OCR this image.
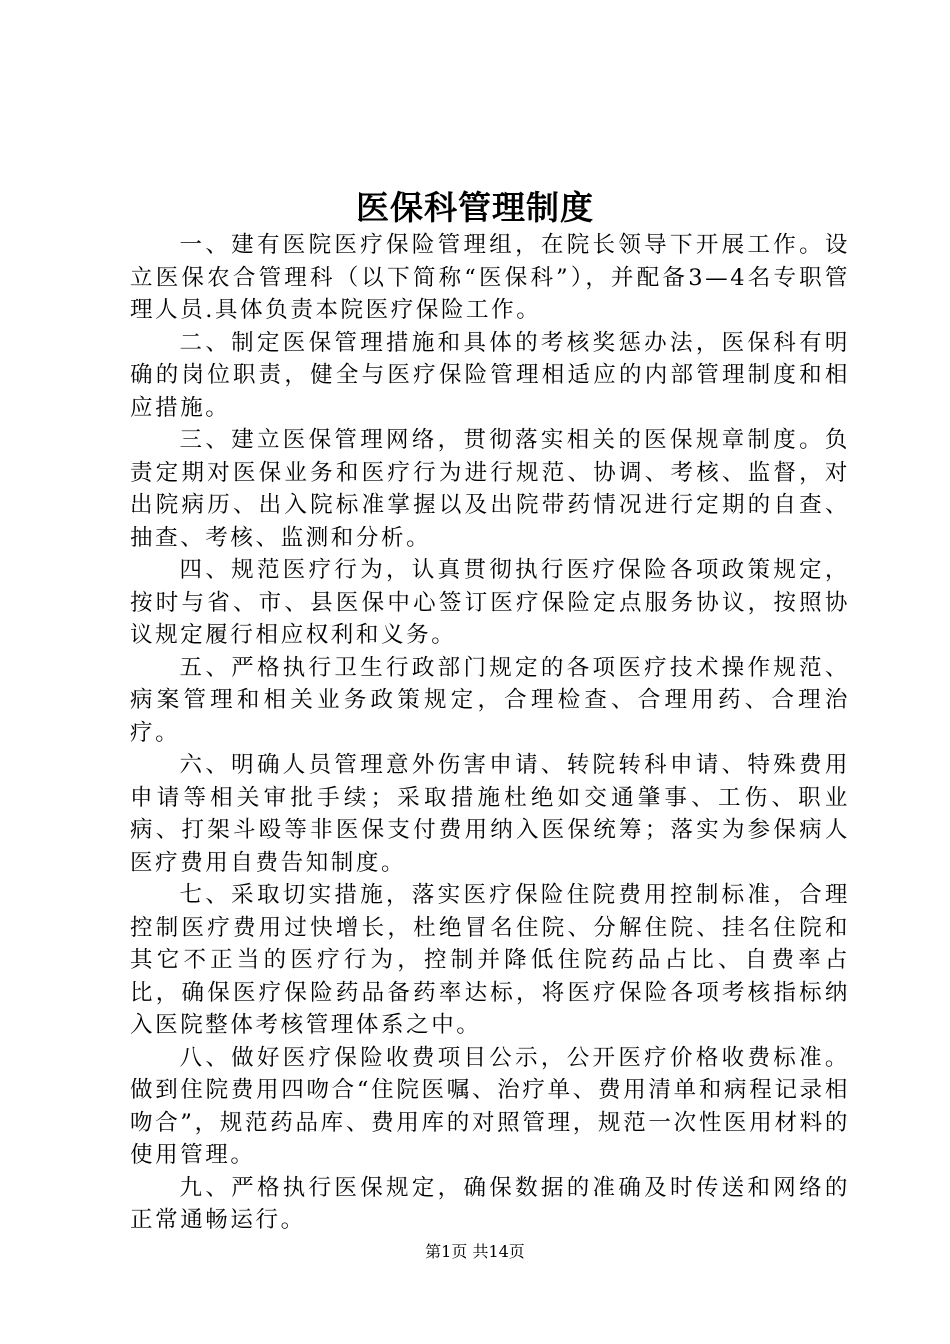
医保科管理制度

一、建有医院医疗保险管理组，在院长领导下开展工作。设立医保农合管理科（以下简称“医保科”），并配备3—4名专职管理人员.具体负责本院医疗保险工作。

二、制定医保管理措施和具体的考核奖惩办法，医保科有明确的岗位职责，健全与医疗保险管理相适应的内部管理制度和相应措施。

三、建立医保管理网络，贯彻落实相关的医保规章制度。负责定期对医保业务和医疗行为进行规范、协调、考核、监督，对出院病历、出入院标准掌握以及出院带药情况进行定期的自查、抽查、考核、监测和分析。

四、规范医疗行为，认真贯彻执行医疗保险各项政策规定，按时与省、市、县医保中心签订医疗保险定点服务协议，按照协议规定履行相应权利和义务。

五、严格执行卫生行政部门规定的各项医疗技术操作规范、病案管理和相关业务政策规定，合理检查、合理用药、合理治疗。

六、明确人员管理意外伤害申请、转院转科申请、特殊费用申请等相关审批手续；采取措施杜绝如交通肇事、工伤、职业病、打架斗殴等非医保支付费用纳入医保统筹；落实为参保病人医疗费用自费告知制度。

七、采取切实措施，落实医疗保险住院费用控制标准，合理控制医疗费用过快增长，杜绝冒名住院、分解住院、挂名住院和其它不正当的医疗行为，控制并降低住院药品占比、自费率占比，确保医疗保险药品备药率达标，将医疗保险各项考核指标纳入医院整体考核管理体系之中。

八、做好医疗保险收费项目公示，公开医疗价格收费标准。做到住院费用四吻合“住院医嘱、治疗单、费用清单和病程记录相吻合”，规范药品库、费用库的对照管理，规范一次性医用材料的使用管理。

九、严格执行医保规定，确保数据的准确及时传送和网络的正常通畅运行。

第1页 共14页
